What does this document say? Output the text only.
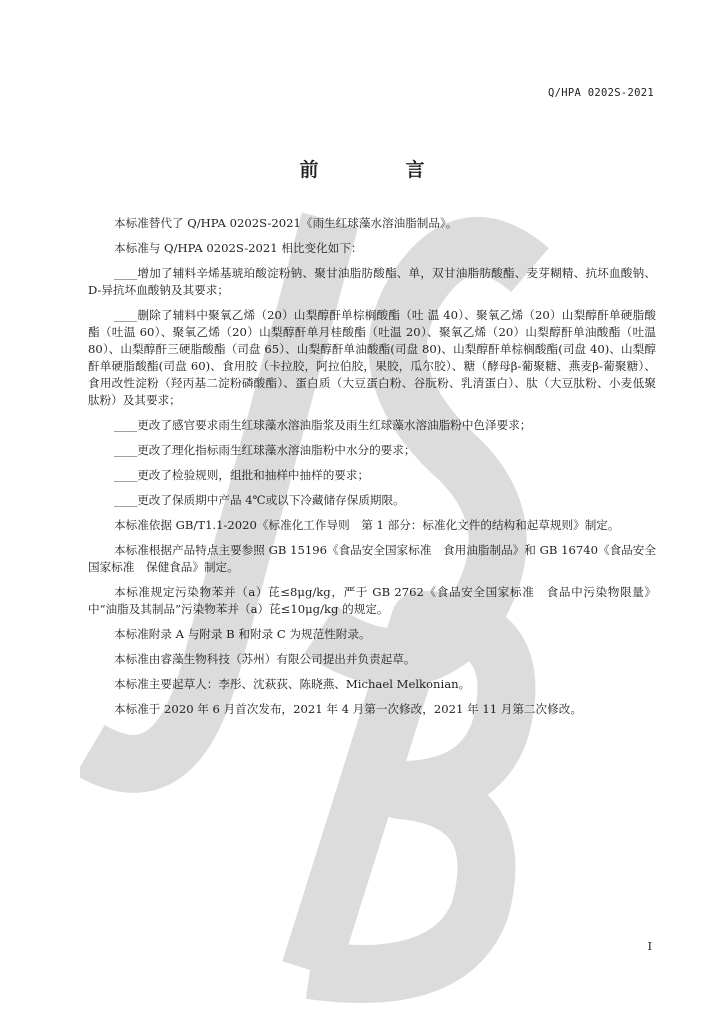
Q/HPA 0202S-2021
前　言

本标准替代了 Q/HPA 0202S-2021《雨生红球藻水溶油脂制品》。

本标准与 Q/HPA 0202S-2021 相比变化如下：

____增加了辅料辛烯基琥珀酸淀粉钠、聚甘油脂肪酸酯、单，双甘油脂肪酸酯、麦芽糊精、抗坏血酸钠、D-异抗坏血酸钠及其要求；

____删除了辅料中聚氧乙烯（20）山梨醇酐单棕榈酸酯（吐 温 40）、聚氧乙烯（20）山梨醇酐单硬脂酸酯（吐温 60）、聚氧乙烯（20）山梨醇酐单月桂酸酯（吐温 20）、聚氧乙烯（20）山梨醇酐单油酸酯（吐温 80）、山梨醇酐三硬脂酸酯（司盘 65）、山梨醇酐单油酸酯(司盘 80)、山梨醇酐单棕榈酸酯(司盘 40)、山梨醇酐单硬脂酸酯(司盘 60)、食用胶（卡拉胶，阿拉伯胶，果胶，瓜尔胶）、糖（酵母β-葡聚糖、燕麦β-葡聚糖）、食用改性淀粉（羟丙基二淀粉磷酸酯）、蛋白质（大豆蛋白粉、谷朊粉、乳清蛋白）、肽（大豆肽粉、小麦低聚肽粉）及其要求；

____更改了感官要求雨生红球藻水溶油脂浆及雨生红球藻水溶油脂粉中色泽要求；

____更改了理化指标雨生红球藻水溶油脂粉中水分的要求；

____更改了检验规则，组批和抽样中抽样的要求；

____更改了保质期中产品 4℃或以下冷藏储存保质期限。

本标准依据 GB/T1.1-2020《标准化工作导则　第 1 部分：标准化文件的结构和起草规则》制定。

本标准根据产品特点主要参照 GB 15196《食品安全国家标准　食用油脂制品》和 GB 16740《食品安全国家标准　保健食品》制定。

本标准规定污染物苯并（a）芘≤8μg/kg，严于 GB 2762《食品安全国家标准　食品中污染物限量》中“油脂及其制品”污染物苯并（a）芘≤10μg/kg 的规定。

本标准附录 A 与附录 B 和附录 C 为规范性附录。

本标准由睿藻生物科技（苏州）有限公司提出并负责起草。

本标准主要起草人：李彤、沈萩荻、陈晓燕、Michael Melkonian。

本标准于 2020 年 6 月首次发布，2021 年 4 月第一次修改，2021 年 11 月第二次修改。

I
